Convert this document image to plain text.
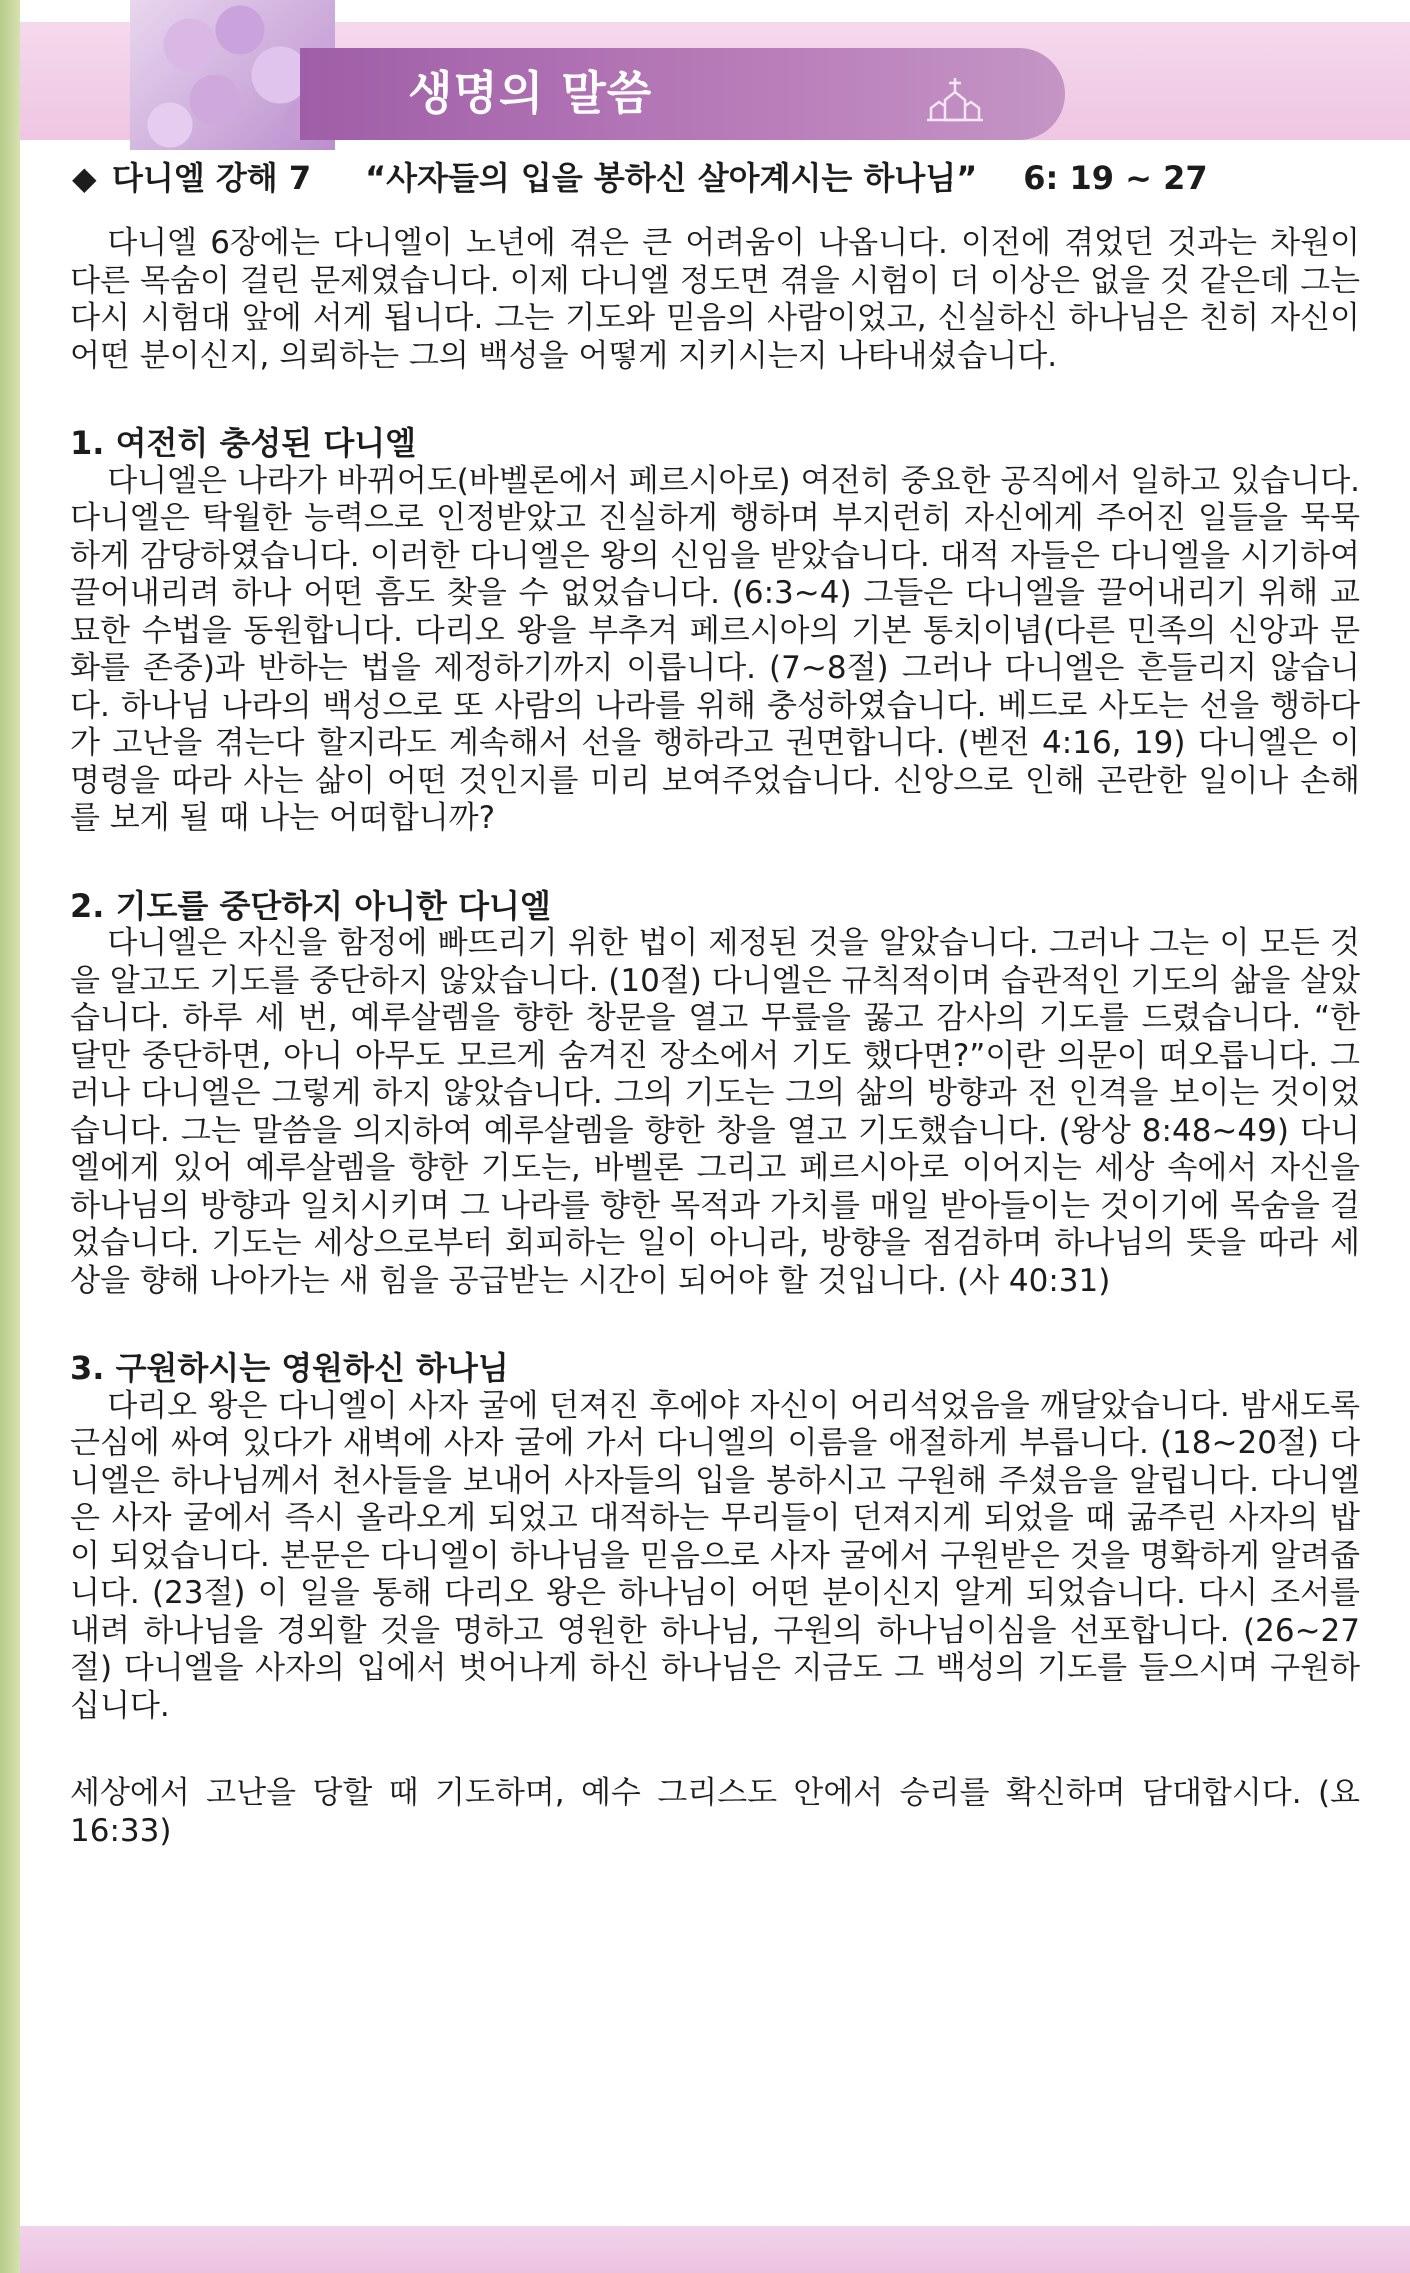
생명의 말씀
◆ 다니엘 강해 7 “사자들의 입을 봉하신 살아계시는 하나님” 6: 19 ~ 27

다니엘 6장에는 다니엘이 노년에 겪은 큰 어려움이 나옵니다. 이전에 겪었던 것과는 차원이 다른 목숨이 걸린 문제였습니다. 이제 다니엘 정도면 겪을 시험이 더 이상은 없을 것 같은데 그는 다시 시험대 앞에 서게 됩니다. 그는 기도와 믿음의 사람이었고, 신실하신 하나님은 친히 자신이 어떤 분이신지, 의뢰하는 그의 백성을 어떻게 지키시는지 나타내셨습니다.

1. 여전히 충성된 다니엘

다니엘은 나라가 바뀌어도(바벨론에서 페르시아로) 여전히 중요한 공직에서 일하고 있습니다. 다니엘은 탁월한 능력으로 인정받았고 진실하게 행하며 부지런히 자신에게 주어진 일들을 묵묵하게 감당하였습니다. 이러한 다니엘은 왕의 신임을 받았습니다. 대적 자들은 다니엘을 시기하여 끌어내리려 하나 어떤 흠도 찾을 수 없었습니다. (6:3~4) 그들은 다니엘을 끌어내리기 위해 교묘한 수법을 동원합니다. 다리오 왕을 부추겨 페르시아의 기본 통치이념(다른 민족의 신앙과 문화를 존중)과 반하는 법을 제정하기까지 이릅니다. (7~8절) 그러나 다니엘은 흔들리지 않습니다. 하나님 나라의 백성으로 또 사람의 나라를 위해 충성하였습니다. 베드로 사도는 선을 행하다가 고난을 겪는다 할지라도 계속해서 선을 행하라고 권면합니다. (벧전 4:16, 19) 다니엘은 이 명령을 따라 사는 삶이 어떤 것인지를 미리 보여주었습니다. 신앙으로 인해 곤란한 일이나 손해를 보게 될 때 나는 어떠합니까?

2. 기도를 중단하지 아니한 다니엘

다니엘은 자신을 함정에 빠뜨리기 위한 법이 제정된 것을 알았습니다. 그러나 그는 이 모든 것을 알고도 기도를 중단하지 않았습니다. (10절) 다니엘은 규칙적이며 습관적인 기도의 삶을 살았습니다. 하루 세 번, 예루살렘을 향한 창문을 열고 무릎을 꿇고 감사의 기도를 드렸습니다. “한 달만 중단하면, 아니 아무도 모르게 숨겨진 장소에서 기도 했다면?”이란 의문이 떠오릅니다. 그러나 다니엘은 그렇게 하지 않았습니다. 그의 기도는 그의 삶의 방향과 전 인격을 보이는 것이었습니다. 그는 말씀을 의지하여 예루살렘을 향한 창을 열고 기도했습니다. (왕상 8:48~49) 다니엘에게 있어 예루살렘을 향한 기도는, 바벨론 그리고 페르시아로 이어지는 세상 속에서 자신을 하나님의 방향과 일치시키며 그 나라를 향한 목적과 가치를 매일 받아들이는 것이기에 목숨을 걸었습니다. 기도는 세상으로부터 회피하는 일이 아니라, 방향을 점검하며 하나님의 뜻을 따라 세상을 향해 나아가는 새 힘을 공급받는 시간이 되어야 할 것입니다. (사 40:31)

3. 구원하시는 영원하신 하나님

다리오 왕은 다니엘이 사자 굴에 던져진 후에야 자신이 어리석었음을 깨달았습니다. 밤새도록 근심에 싸여 있다가 새벽에 사자 굴에 가서 다니엘의 이름을 애절하게 부릅니다. (18~20절) 다니엘은 하나님께서 천사들을 보내어 사자들의 입을 봉하시고 구원해 주셨음을 알립니다. 다니엘은 사자 굴에서 즉시 올라오게 되었고 대적하는 무리들이 던져지게 되었을 때 굶주린 사자의 밥이 되었습니다. 본문은 다니엘이 하나님을 믿음으로 사자 굴에서 구원받은 것을 명확하게 알려줍니다. (23절) 이 일을 통해 다리오 왕은 하나님이 어떤 분이신지 알게 되었습니다. 다시 조서를 내려 하나님을 경외할 것을 명하고 영원한 하나님, 구원의 하나님이심을 선포합니다. (26~27절) 다니엘을 사자의 입에서 벗어나게 하신 하나님은 지금도 그 백성의 기도를 들으시며 구원하십니다.

세상에서 고난을 당할 때 기도하며, 예수 그리스도 안에서 승리를 확신하며 담대합시다. (요 16:33)
